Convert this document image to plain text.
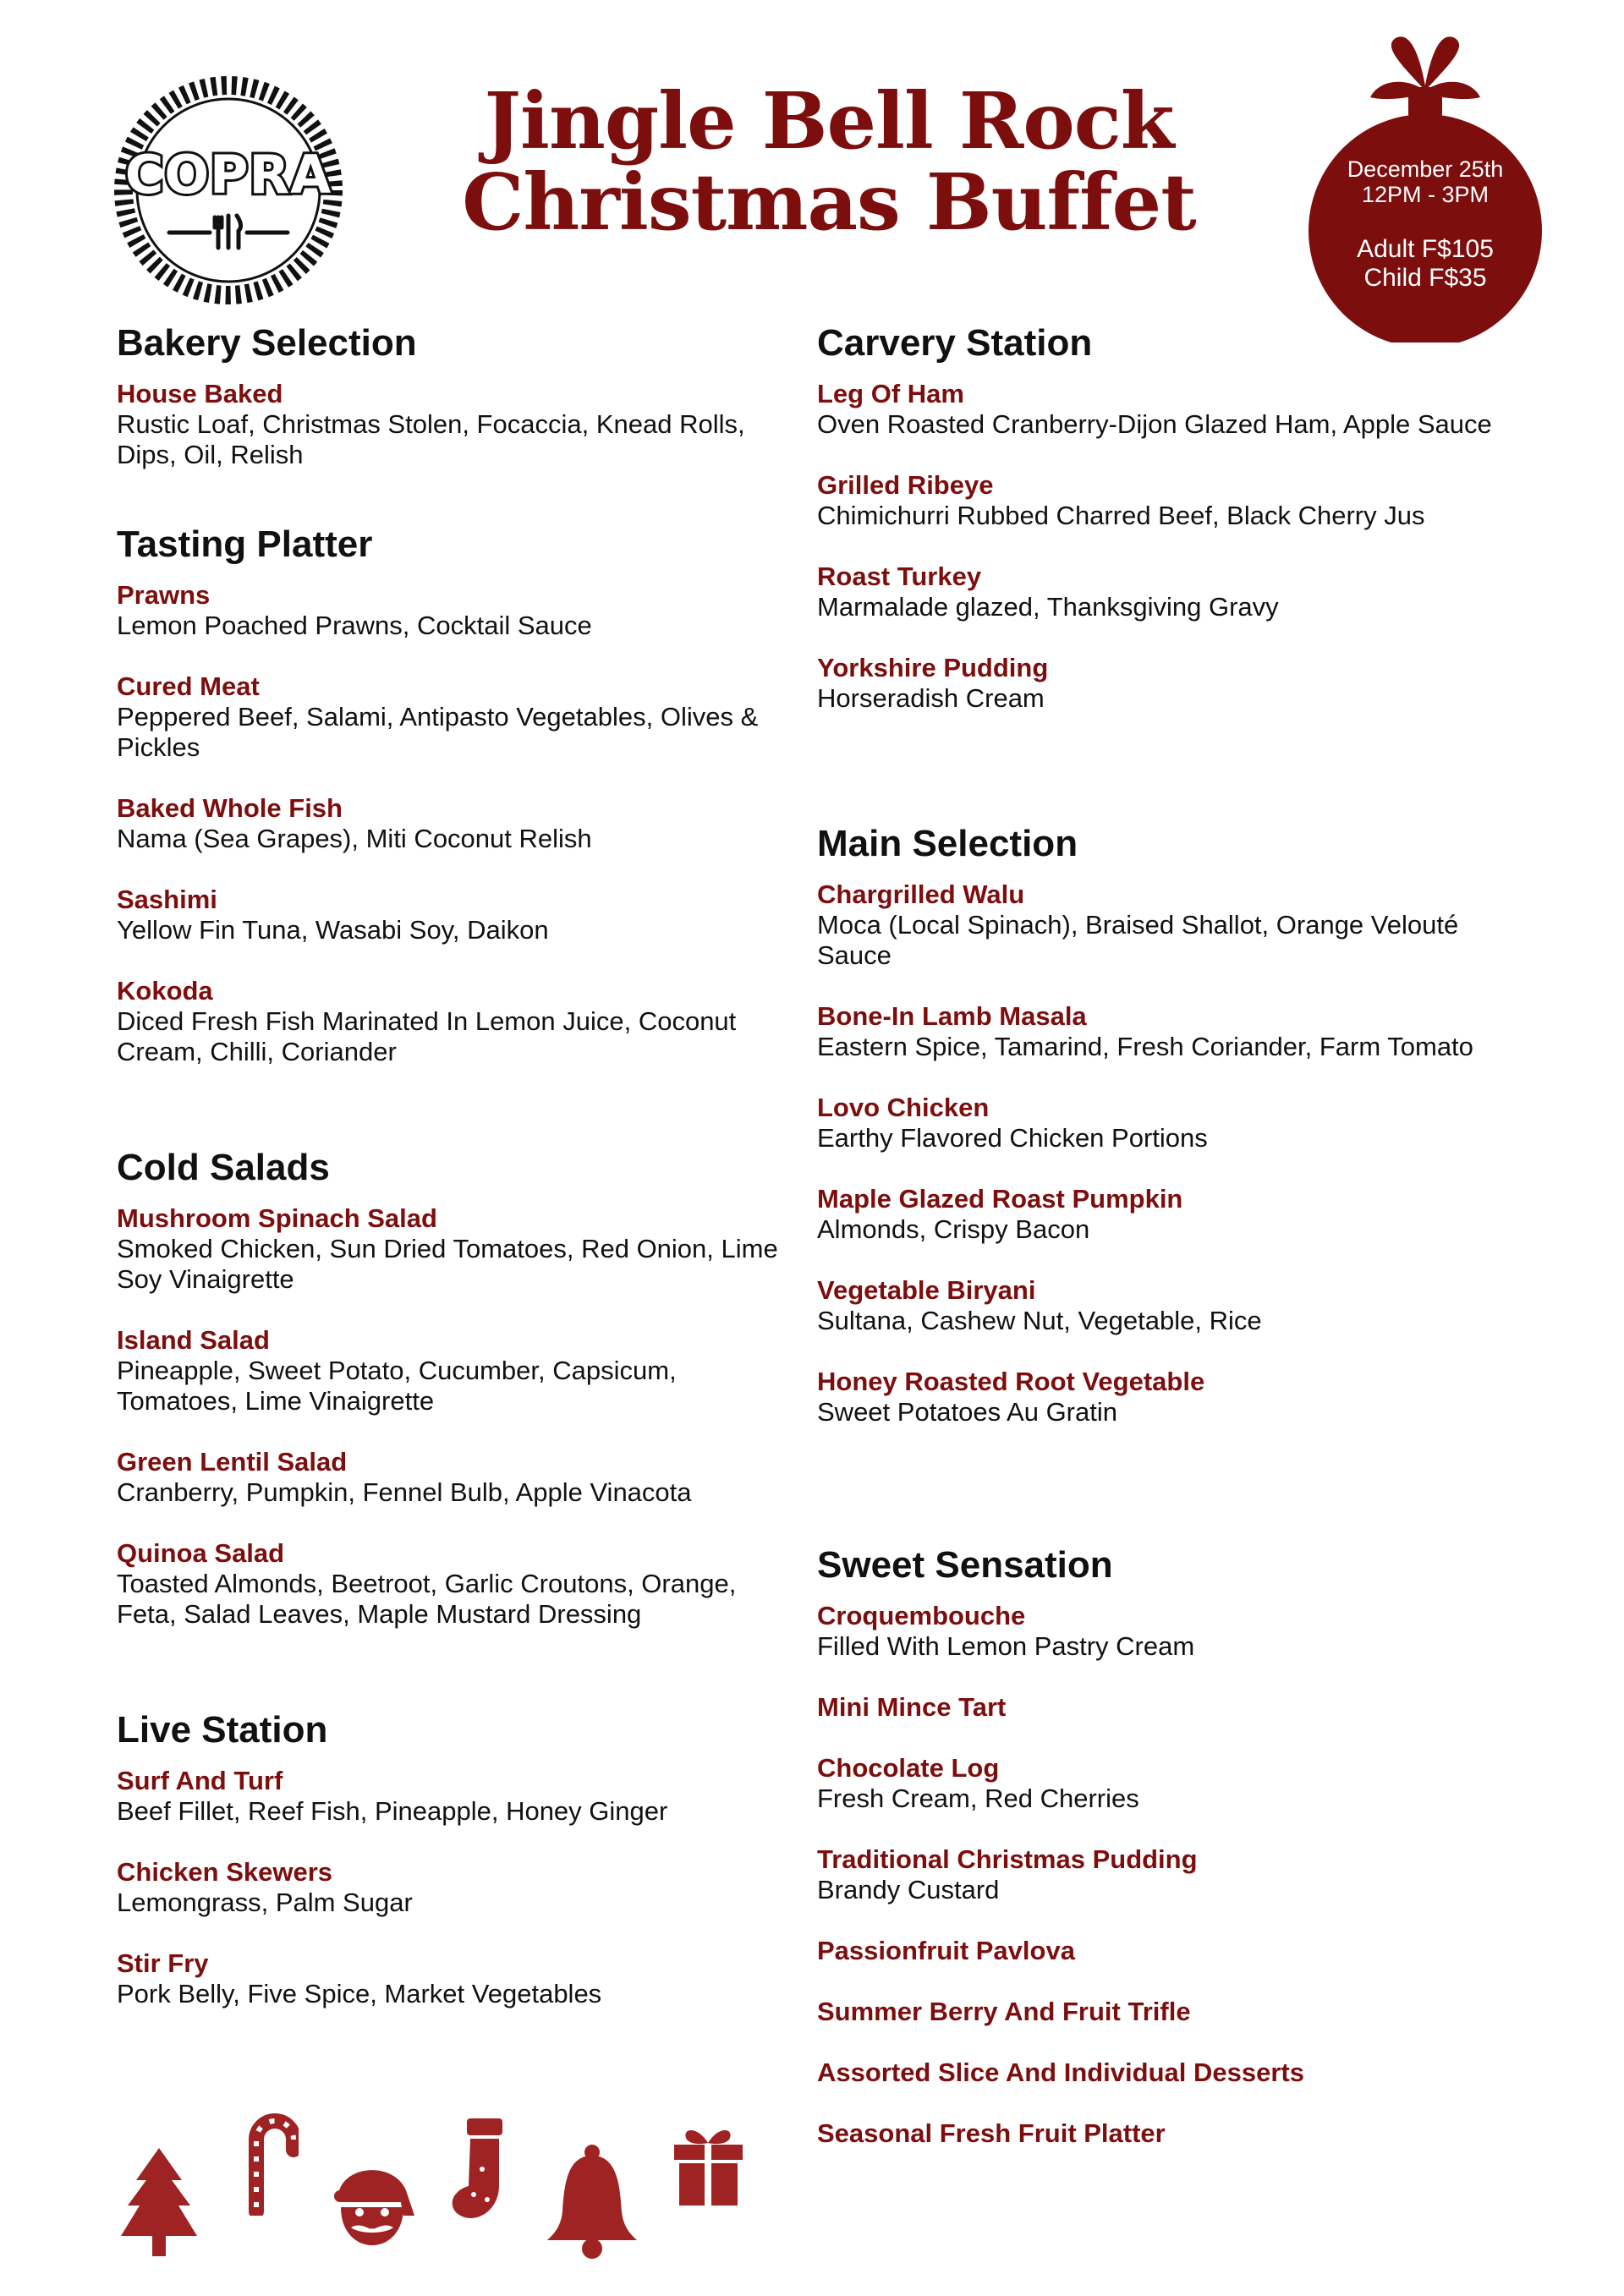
COPRA
Jingle Bell Rock
Christmas Buffet	December 25th
12PM - 3PM
Adult F$105
Child F$35
Bakery Selection
House Baked
Rustic Loaf, Christmas Stolen, Focaccia, Knead Rolls, Dips, Oil, Relish
Tasting Platter
Prawns
Lemon Poached Prawns, Cocktail Sauce
Cured Meat
Peppered Beef, Salami, Antipasto Vegetables, Olives & Pickles
Baked Whole Fish
Nama (Sea Grapes), Miti Coconut Relish
Sashimi
Yellow Fin Tuna, Wasabi Soy, Daikon
Kokoda
Diced Fresh Fish Marinated In Lemon Juice, Coconut Cream, Chilli, Coriander
Cold Salads
Mushroom Spinach Salad
Smoked Chicken, Sun Dried Tomatoes, Red Onion, Lime Soy Vinaigrette
Island Salad
Pineapple, Sweet Potato, Cucumber, Capsicum, Tomatoes, Lime Vinaigrette
Green Lentil Salad
Cranberry, Pumpkin, Fennel Bulb, Apple Vinacota
Quinoa Salad
Toasted Almonds, Beetroot, Garlic Croutons, Orange, Feta, Salad Leaves, Maple Mustard Dressing
Live Station
Surf And Turf
Beef Fillet, Reef Fish, Pineapple, Honey Ginger
Chicken Skewers
Lemongrass, Palm Sugar
Stir Fry
Pork Belly, Five Spice, Market Vegetables
Carvery Station
Leg Of Ham
Oven Roasted Cranberry-Dijon Glazed Ham, Apple Sauce
Grilled Ribeye
Chimichurri Rubbed Charred Beef, Black Cherry Jus
Roast Turkey
Marmalade glazed, Thanksgiving Gravy
Yorkshire Pudding
Horseradish Cream
Main Selection
Chargrilled Walu
Moca (Local Spinach), Braised Shallot, Orange Velouté Sauce
Bone-In Lamb Masala
Eastern Spice, Tamarind, Fresh Coriander, Farm Tomato
Lovo Chicken
Earthy Flavored Chicken Portions
Maple Glazed Roast Pumpkin
Almonds, Crispy Bacon
Vegetable Biryani
Sultana, Cashew Nut, Vegetable, Rice
Honey Roasted Root Vegetable
Sweet Potatoes Au Gratin
Sweet Sensation
Croquembouche
Filled With Lemon Pastry Cream
Mini Mince Tart
Chocolate Log
Fresh Cream, Red Cherries
Traditional Christmas Pudding
Brandy Custard
Passionfruit Pavlova
Summer Berry And Fruit Trifle
Assorted Slice And Individual Desserts
Seasonal Fresh Fruit Platter
